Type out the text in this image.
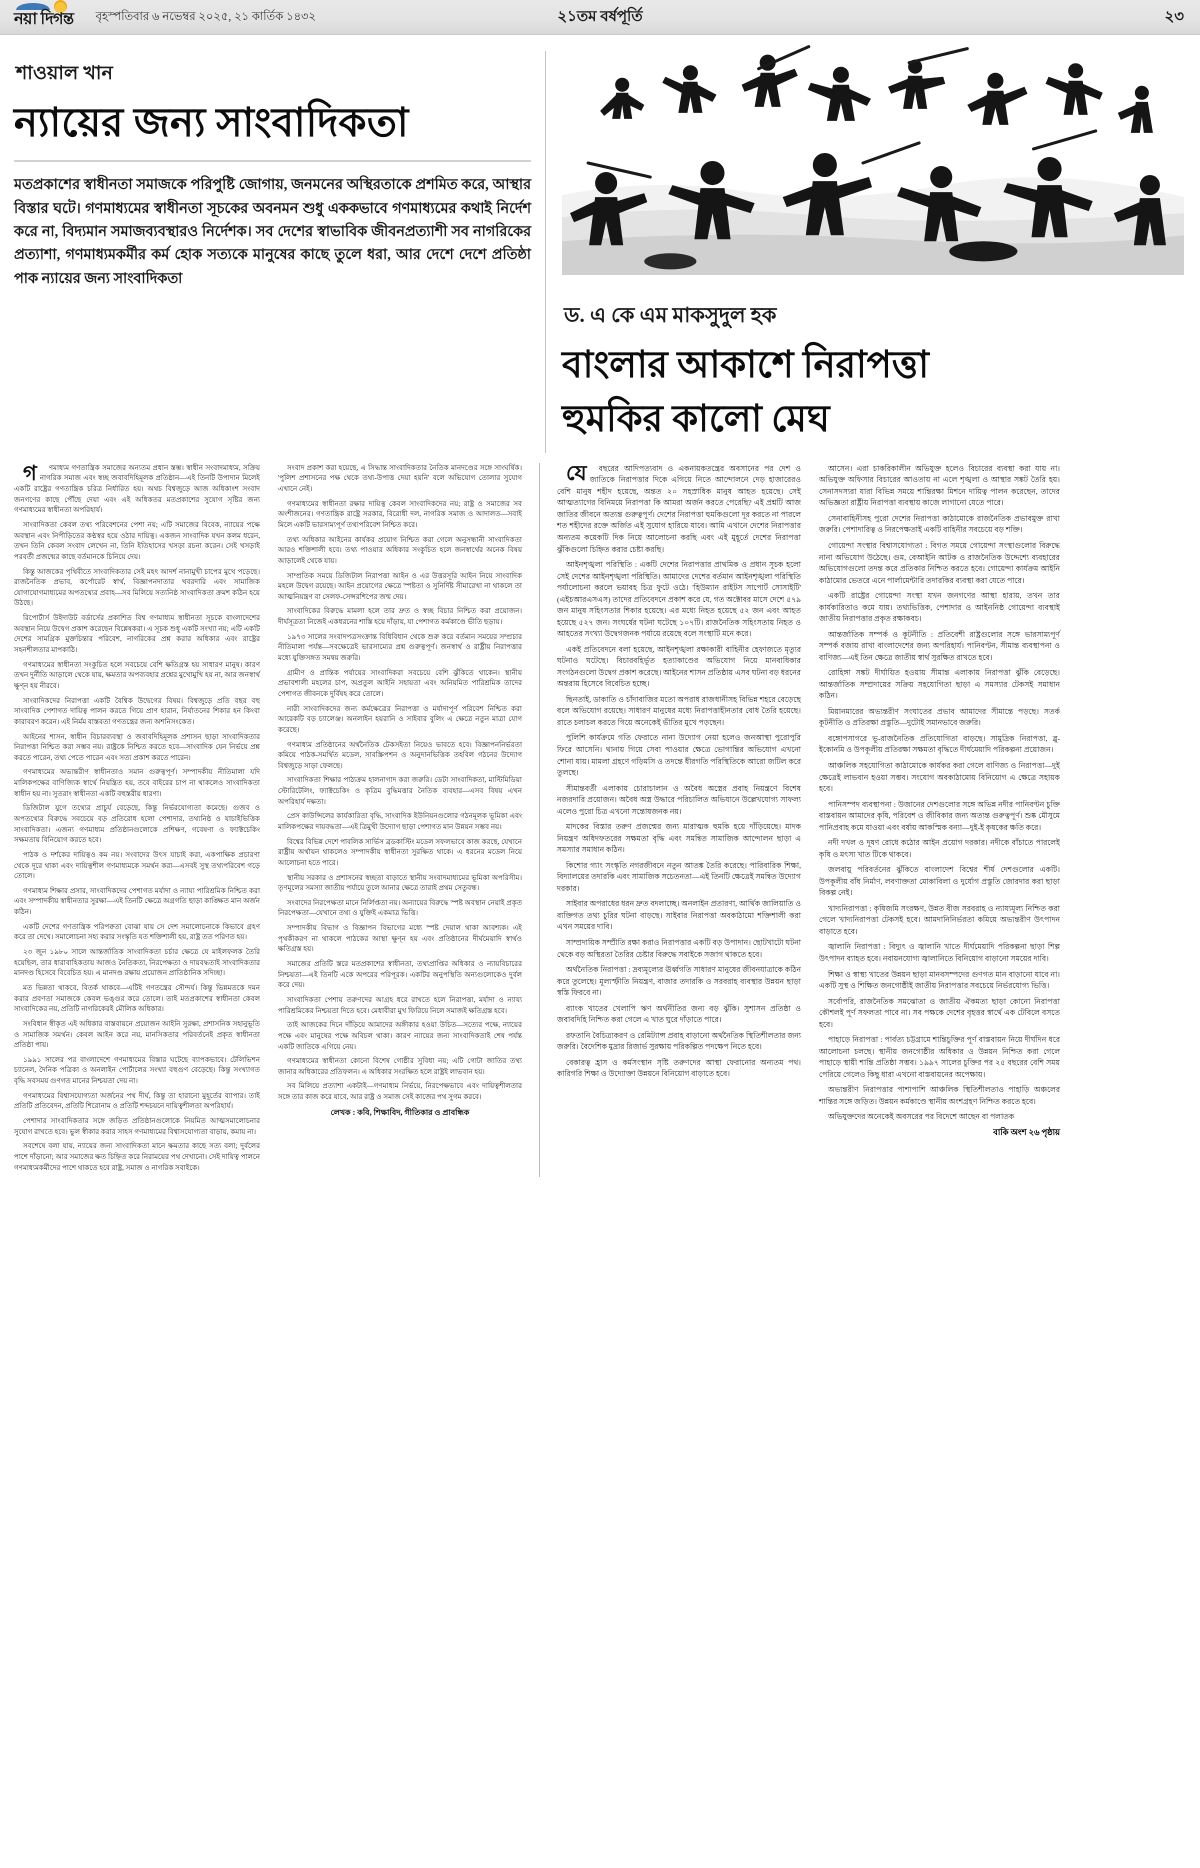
নয়া দিগন্ত বৃহস্পতিবার ৬ নভেম্বর ২০২৫, ২১ কার্তিক ১৪৩২	২১তম বর্ষপূর্তি	২৩
শাওয়াল খান
ন্যায়ের জন্য সাংবাদিকতা
মতপ্রকাশের স্বাধীনতা সমাজকে পরিপুষ্টি জোগায়, জনমনের অস্থিরতাকে প্রশমিত করে, আস্থার বিস্তার ঘটে। গণমাধ্যমের স্বাধীনতা সূচকের অবনমন শুধু এককভাবে গণমাধ্যমের কথাই নির্দেশ করে না, বিদ্যমান সমাজব্যবস্থারও নির্দেশক। সব দেশের স্বাভাবিক জীবনপ্রত্যাশী সব নাগরিকের প্রত্যাশা, গণমাধ্যমকর্মীর কর্ম হোক সত্যকে মানুষের কাছে তুলে ধরা, আর দেশে দেশে প্রতিষ্ঠা পাক ন্যায়ের জন্য সাংবাদিকতা
ড. এ কে এম মাকসুদুল হক
বাংলার আকাশে নিরাপত্তা
হুমকির কালো মেঘ

গ	ণমাধ্যম গণতান্ত্রিক সমাজের অন্যতম প্রধান স্তম্ভ। স্বাধীন সংবাদমাধ্যম, সক্রিয় নাগরিক সমাজ এবং স্বচ্ছ জবাবদিহিমূলক প্রতিষ্ঠান—এই তিনটি উপাদান মিলেই একটি রাষ্ট্রের গণতান্ত্রিক চরিত্র নির্ধারিত হয়। অথচ বিশ্বজুড়ে আজ অধিকাংশ সংবাদ জনগণের কাছে পৌঁছে দেয়া এবং এই অধিকতর মতপ্রকাশের সুযোগ সৃষ্টির জন্য গণমাধ্যমের স্বাধীনতা অপরিহার্য।

সাংবাদিকতা কেবল তথ্য পরিবেশনের পেশা নয়; এটি সমাজের বিবেক, ন্যায়ের পক্ষে অবস্থান এবং নিপীড়িতের কণ্ঠস্বর হয়ে ওঠার দায়িত্ব। একজন সাংবাদিক যখন কলম ধরেন, তখন তিনি কেবল সংবাদ লেখেন না, তিনি ইতিহাসের খসড়া রচনা করেন। সেই খসড়াই পরবর্তী প্রজন্মের কাছে বর্তমানকে চিনিয়ে দেয়।

কিন্তু আজকের পৃথিবীতে সাংবাদিকতার সেই মহৎ আদর্শ নানামুখী চাপের মুখে পড়েছে। রাজনৈতিক প্রভাব, কর্পোরেট স্বার্থ, বিজ্ঞাপনদাতার খবরদারি এবং সামাজিক যোগাযোগমাধ্যমের অপতথ্যের প্রবাহ—সব মিলিয়ে সত্যনিষ্ঠ সাংবাদিকতা ক্রমশ কঠিন হয়ে উঠছে।

রিপোর্টার্স উইদাউট বর্ডার্সের প্রকাশিত বিশ্ব গণমাধ্যম স্বাধীনতা সূচকে বাংলাদেশের অবস্থান নিয়ে উদ্বেগ প্রকাশ করেছেন বিশ্লেষকরা। এ সূচক শুধু একটি সংখ্যা নয়; এটি একটি দেশের সামগ্রিক মুক্তচিন্তার পরিবেশ, নাগরিকের প্রশ্ন করার অধিকার এবং রাষ্ট্রের সহনশীলতার মাপকাঠি।

গণমাধ্যমের স্বাধীনতা সংকুচিত হলে সবচেয়ে বেশি ক্ষতিগ্রস্ত হয় সাধারণ মানুষ। কারণ তখন দুর্নীতি আড়ালে থেকে যায়, ক্ষমতার অপব্যবহার প্রশ্নের মুখোমুখি হয় না, আর জনস্বার্থ ক্ষুণ্ন হয় নীরবে।

সাংবাদিকদের নিরাপত্তা একটি বৈশ্বিক উদ্বেগের বিষয়। বিশ্বজুড়ে প্রতি বছর বহু সাংবাদিক পেশাগত দায়িত্ব পালন করতে গিয়ে প্রাণ হারান, নির্যাতনের শিকার হন কিংবা কারাবরণ করেন। এই নির্মম বাস্তবতা গণতন্ত্রের জন্য অশনিসংকেত।

আইনের শাসন, স্বাধীন বিচারব্যবস্থা ও জবাবদিহিমূলক প্রশাসন ছাড়া সাংবাদিকতার নিরাপত্তা নিশ্চিত করা সম্ভব নয়। রাষ্ট্রকে নিশ্চিত করতে হবে—সাংবাদিক যেন নির্ভয়ে প্রশ্ন করতে পারেন, তথ্য পেতে পারেন এবং সত্য প্রকাশ করতে পারেন।

গণমাধ্যমের অভ্যন্তরীণ স্বাধীনতাও সমান গুরুত্বপূর্ণ। সম্পাদকীয় নীতিমালা যদি মালিকপক্ষের বাণিজ্যিক স্বার্থে নিয়ন্ত্রিত হয়, তবে বাইরের চাপ না থাকলেও সাংবাদিকতা স্বাধীন হয় না। সুতরাং স্বাধীনতা একটি বহুস্তরীয় ধারণা।

ডিজিটাল যুগে তথ্যের প্রাচুর্য বেড়েছে, কিন্তু নির্ভরযোগ্যতা কমেছে। গুজব ও অপতথ্যের বিরুদ্ধে সবচেয়ে বড় প্রতিরোধ হলো পেশাদার, তথ্যনিষ্ঠ ও যাচাইভিত্তিক সাংবাদিকতা। এজন্য গণমাধ্যম প্রতিষ্ঠানগুলোকে প্রশিক্ষণ, গবেষণা ও ফ্যাক্টচেকিং সক্ষমতায় বিনিয়োগ করতে হবে।

পাঠক ও দর্শকের দায়িত্বও কম নয়। সংবাদের উৎস যাচাই করা, একপাক্ষিক প্রচারণা থেকে দূরে থাকা এবং দায়িত্বশীল গণমাধ্যমকে সমর্থন করা—এসবই সুস্থ তথ্যপরিবেশ গড়ে তোলে।

গণমাধ্যম শিক্ষার প্রসার, সাংবাদিকদের পেশাগত মর্যাদা ও ন্যায্য পারিশ্রমিক নিশ্চিত করা এবং সম্পাদকীয় স্বাধীনতার সুরক্ষা—এই তিনটি ক্ষেত্রে অগ্রগতি ছাড়া কাঙ্ক্ষিত মান অর্জন কঠিন।

একটি দেশের গণতান্ত্রিক পরিপক্বতা বোঝা যায় সে দেশ সমালোচনাকে কিভাবে গ্রহণ করে তা দেখে। সমালোচনা সহ্য করার সংস্কৃতি যত শক্তিশালী হয়, রাষ্ট্র তত পরিণত হয়।

২৩ জুন ১৯৮০ সালে আন্তর্জাতিক সাংবাদিকতা চর্চার ক্ষেত্রে যে মাইলফলক তৈরি হয়েছিল, তার ধারাবাহিকতায় আজও নৈতিকতা, নিরপেক্ষতা ও দায়বদ্ধতাই সাংবাদিকতার মানদণ্ড হিসেবে বিবেচিত হয়। এ মানদণ্ড রক্ষায় প্রয়োজন প্রাতিষ্ঠানিক সদিচ্ছা।

মত ভিন্নতা থাকবে, বিতর্ক থাকবে—এটিই গণতন্ত্রের সৌন্দর্য। কিন্তু ভিন্নমতকে দমন করার প্রবণতা সমাজকে কেবল ভঙ্গুর করে তোলে। তাই মতপ্রকাশের স্বাধীনতা কেবল সাংবাদিকের নয়, প্রতিটি নাগরিকেরই মৌলিক অধিকার।

সংবিধান স্বীকৃত এই অধিকার বাস্তবায়নে প্রয়োজন আইনি সুরক্ষা, প্রশাসনিক সহানুভূতি ও সামাজিক সমর্থন। কেবল আইন করে নয়, মানসিকতার পরিবর্তনেই প্রকৃত স্বাধীনতা প্রতিষ্ঠা পায়।

১৯৯১ সালের পর বাংলাদেশে গণমাধ্যমের বিস্তার ঘটেছে ব্যাপকভাবে। টেলিভিশন চ্যানেল, দৈনিক পত্রিকা ও অনলাইন পোর্টালের সংখ্যা বহুগুণ বেড়েছে। কিন্তু সংখ্যাগত বৃদ্ধি সবসময় গুণগত মানের নিশ্চয়তা দেয় না।

গণমাধ্যমের বিশ্বাসযোগ্যতা অর্জনের পথ দীর্ঘ, কিন্তু তা হারানো মুহূর্তের ব্যাপার। তাই প্রতিটি প্রতিবেদন, প্রতিটি শিরোনাম ও প্রতিটি শব্দচয়নে দায়িত্বশীলতা অপরিহার্য।

পেশাদার সাংবাদিকতার সঙ্গে জড়িত প্রতিষ্ঠানগুলোকে নিয়মিত আত্মসমালোচনার সুযোগ রাখতে হবে। ভুল স্বীকার করার সাহস গণমাধ্যমের বিশ্বাসযোগ্যতা বাড়ায়, কমায় না।

সবশেষে বলা যায়, ন্যায়ের জন্য সাংবাদিকতা মানে ক্ষমতার কাছে সত্য বলা; দুর্বলের পাশে দাঁড়ানো; আর সমাজের ক্ষত চিহ্নিত করে নিরাময়ের পথ দেখানো। সেই দায়িত্ব পালনে গণমাধ্যমকর্মীদের পাশে থাকতে হবে রাষ্ট্র, সমাজ ও নাগরিক সবাইকে।

সংবাদ প্রকাশ করা হয়েছে, এ সিদ্ধান্ত সাংবাদিকতার নৈতিক মানদণ্ডের সঙ্গে সাংঘর্ষিক। 'পুলিশ প্রশাসনের পক্ষ থেকে তথ্য-উপাত্ত দেয়া হয়নি' বলে অভিযোগ তোলার সুযোগ এখানে নেই।

গণমাধ্যমের স্বাধীনতা রক্ষার দায়িত্ব কেবল সাংবাদিকদের নয়; রাষ্ট্র ও সমাজের সব অংশীজনের। গণতান্ত্রিক রাষ্ট্রে সরকার, বিরোধী দল, নাগরিক সমাজ ও আদালত—সবাই মিলে একটি ভারসাম্যপূর্ণ তথ্যপরিবেশ নিশ্চিত করে।

তথ্য অধিকার আইনের কার্যকর প্রয়োগ নিশ্চিত করা গেলে অনুসন্ধানী সাংবাদিকতা আরও শক্তিশালী হবে। তথ্য পাওয়ার অধিকার সংকুচিত হলে জনস্বার্থের অনেক বিষয় আড়ালেই থেকে যায়।

সাম্প্রতিক সময়ে ডিজিটাল নিরাপত্তা আইন ও এর উত্তরসূরি আইন নিয়ে সাংবাদিক মহলে উদ্বেগ রয়েছে। আইন প্রয়োগের ক্ষেত্রে স্পষ্টতা ও সুনির্দিষ্ট সীমারেখা না থাকলে তা আত্মনিয়ন্ত্রণ বা সেলফ-সেন্সরশিপের জন্ম দেয়।

সাংবাদিকের বিরুদ্ধে মামলা হলে তার দ্রুত ও স্বচ্ছ বিচার নিশ্চিত করা প্রয়োজন। দীর্ঘসূত্রতা নিজেই একধরনের শাস্তি হয়ে দাঁড়ায়, যা পেশাগত কর্মকাণ্ডে ভীতি ছড়ায়।

১৯৭৩ সালের সংবাদপত্রসংক্রান্ত বিধিবিধান থেকে শুরু করে বর্তমান সময়ের সম্প্রচার নীতিমালা পর্যন্ত—সবক্ষেত্রেই ভারসাম্যের প্রশ্ন গুরুত্বপূর্ণ। জনস্বার্থ ও রাষ্ট্রীয় নিরাপত্তার মধ্যে যুক্তিসঙ্গত সমন্বয় জরুরি।

গ্রামীণ ও প্রান্তিক পর্যায়ের সাংবাদিকরা সবচেয়ে বেশি ঝুঁকিতে থাকেন। স্থানীয় প্রভাবশালী মহলের চাপ, অপ্রতুল আইনি সহায়তা এবং অনিয়মিত পারিশ্রমিক তাদের পেশাগত জীবনকে দুর্বিষহ করে তোলে।

নারী সাংবাদিকদের জন্য কর্মক্ষেত্রের নিরাপত্তা ও মর্যাদাপূর্ণ পরিবেশ নিশ্চিত করা আরেকটি বড় চ্যালেঞ্জ। অনলাইন হয়রানি ও সাইবার বুলিং এ ক্ষেত্রে নতুন মাত্রা যোগ করেছে।

গণমাধ্যম প্রতিষ্ঠানের অর্থনৈতিক টেকসইতা নিয়েও ভাবতে হবে। বিজ্ঞাপননির্ভরতা কমিয়ে পাঠক-সমর্থিত মডেল, সাবস্ক্রিপশন ও অনুদানভিত্তিক তহবিল গঠনের উদ্যোগ বিশ্বজুড়ে সাড়া ফেলছে।

সাংবাদিকতা শিক্ষার পাঠ্যক্রম হালনাগাদ করা জরুরি। ডেটা সাংবাদিকতা, মাল্টিমিডিয়া স্টোরিটেলিং, ফ্যাক্টচেকিং ও কৃত্রিম বুদ্ধিমত্তার নৈতিক ব্যবহার—এসব বিষয় এখন অপরিহার্য দক্ষতা।

প্রেস কাউন্সিলের কার্যকারিতা বৃদ্ধি, সাংবাদিক ইউনিয়নগুলোর গঠনমূলক ভূমিকা এবং মালিকপক্ষের দায়বদ্ধতা—এই ত্রিমুখী উদ্যোগ ছাড়া পেশাগত মান উন্নয়ন সম্ভব নয়।

বিশ্বের বিভিন্ন দেশে পাবলিক সার্ভিস ব্রডকাস্টিং মডেল সফলভাবে কাজ করছে, যেখানে রাষ্ট্রীয় অর্থায়ন থাকলেও সম্পাদকীয় স্বাধীনতা সুরক্ষিত থাকে। এ ধরনের মডেল নিয়ে আলোচনা হতে পারে।

স্থানীয় সরকার ও প্রশাসনের স্বচ্ছতা বাড়াতে স্থানীয় সংবাদমাধ্যমের ভূমিকা অপরিসীম। তৃণমূলের সমস্যা জাতীয় পর্যায়ে তুলে আনার ক্ষেত্রে তারাই প্রথম সেতুবন্ধ।

সংবাদের নিরপেক্ষতা মানে নির্লিপ্ততা নয়। অন্যায়ের বিরুদ্ধে স্পষ্ট অবস্থান নেয়াই প্রকৃত নিরপেক্ষতা—যেখানে তথ্য ও যুক্তিই একমাত্র ভিত্তি।

সম্পাদকীয় বিভাগ ও বিজ্ঞাপন বিভাগের মধ্যে স্পষ্ট দেয়াল থাকা আবশ্যক। এই পৃথকীকরণ না থাকলে পাঠকের আস্থা ক্ষুণ্ন হয় এবং প্রতিষ্ঠানের দীর্ঘমেয়াদি স্বার্থও ক্ষতিগ্রস্ত হয়।

সমাজের প্রতিটি স্তরে মতপ্রকাশের স্বাধীনতা, তথ্যপ্রাপ্তির অধিকার ও ন্যায়বিচারের নিশ্চয়তা—এই তিনটি একে অপরের পরিপূরক। একটির অনুপস্থিতি অন্যগুলোকেও দুর্বল করে দেয়।

সাংবাদিকতা পেশায় তরুণদের আগ্রহ ধরে রাখতে হলে নিরাপত্তা, মর্যাদা ও ন্যায্য পারিশ্রমিকের নিশ্চয়তা দিতে হবে। মেধাবীরা মুখ ফিরিয়ে নিলে সমাজই ক্ষতিগ্রস্ত হবে।

তাই আজকের দিনে দাঁড়িয়ে আমাদের অঙ্গীকার হওয়া উচিত—সত্যের পক্ষে, ন্যায়ের পক্ষে এবং মানুষের পক্ষে অবিচল থাকা। কারণ ন্যায়ের জন্য সাংবাদিকতাই শেষ পর্যন্ত একটি জাতিকে এগিয়ে নেয়।

গণমাধ্যমের স্বাধীনতা কোনো বিশেষ গোষ্ঠীর সুবিধা নয়; এটি গোটা জাতির তথ্য জানার অধিকারের প্রতিফলন। এ অধিকার সংরক্ষিত হলে রাষ্ট্রই লাভবান হয়।

সব মিলিয়ে প্রত্যাশা একটাই—গণমাধ্যম নির্ভয়ে, নিরপেক্ষভাবে এবং দায়িত্বশীলতার সঙ্গে তার কাজ করে যাবে, আর রাষ্ট্র ও সমাজ সেই কাজের পথ সুগম করবে।

লেখক : কবি, শিক্ষাবিদ, গীতিকার ও প্রাবন্ধিক

যে	বছরের আদিপত্যবাদ ও একনায়কতন্ত্রের অবসানের পর দেশ ও জাতিকে নিরাপত্তার দিকে এগিয়ে নিতে আন্দোলনে দেড় হাজারেরও বেশি মানুষ শহীদ হয়েছে, অন্তত ২০ সহস্রাধিক মানুষ আহত হয়েছে। সেই আত্মত্যাগের বিনিময়ে নিরাপত্তা কি আমরা অর্জন করতে পেরেছি? এই প্রশ্নটি আজ জাতির জীবনে অত্যন্ত গুরুত্বপূর্ণ। দেশের নিরাপত্তা হুমকিগুলো দূর করতে না পারলে শত শহীদের রক্তে অর্জিত এই সুযোগ হারিয়ে যাবে। আমি এখানে দেশের নিরাপত্তার অন্যতম কয়েকটি দিক নিয়ে আলোচনা করছি এবং এই মুহূর্তে দেশের নিরাপত্তা ঝুঁকিগুলো চিহ্নিত করার চেষ্টা করছি।

আইনশৃঙ্খলা পরিস্থিতি : একটি দেশের নিরাপত্তার প্রাথমিক ও প্রধান সূচক হলো সেই দেশের আইনশৃঙ্খলা পরিস্থিতি। আমাদের দেশের বর্তমান আইনশৃঙ্খলা পরিস্থিতি পর্যালোচনা করলে ভয়াবহ চিত্র ফুটে ওঠে। 'হিউম্যান রাইটস সাপোর্ট সোসাইটি' (এইচআরএসএস) তাদের প্রতিবেদনে প্রকাশ করে যে, গত অক্টোবর মাসে দেশে ৫৭৯ জন মানুষ সহিংসতার শিকার হয়েছে। এর মধ্যে নিহত হয়েছে ৫২ জন এবং আহত হয়েছে ৫২৭ জন। সংঘর্ষের ঘটনা ঘটেছে ১০৭টি। রাজনৈতিক সহিংসতায় নিহত ও আহতের সংখ্যা উদ্বেগজনক পর্যায়ে রয়েছে বলে সংস্থাটি মনে করে।

একই প্রতিবেদনে বলা হয়েছে, আইনশৃঙ্খলা রক্ষাকারী বাহিনীর হেফাজতে মৃত্যুর ঘটনাও ঘটেছে। বিচারবহির্ভূত হত্যাকাণ্ডের অভিযোগ নিয়ে মানবাধিকার সংগঠনগুলো উদ্বেগ প্রকাশ করেছে। আইনের শাসন প্রতিষ্ঠায় এসব ঘটনা বড় ধরনের অন্তরায় হিসেবে বিবেচিত হচ্ছে।

ছিনতাই, ডাকাতি ও চাঁদাবাজির মতো অপরাধ রাজধানীসহ বিভিন্ন শহরে বেড়েছে বলে অভিযোগ রয়েছে। সাধারণ মানুষের মধ্যে নিরাপত্তাহীনতার বোধ তৈরি হয়েছে। রাতে চলাচল করতে গিয়ে অনেকেই ভীতির মুখে পড়ছেন।

পুলিশি কার্যক্রমে গতি ফেরাতে নানা উদ্যোগ নেয়া হলেও জনআস্থা পুরোপুরি ফিরে আসেনি। থানায় গিয়ে সেবা পাওয়ার ক্ষেত্রে ভোগান্তির অভিযোগ এখনো শোনা যায়। মামলা গ্রহণে গড়িমসি ও তদন্তে ধীরগতি পরিস্থিতিকে আরো জটিল করে তুলছে।

সীমান্তবর্তী এলাকায় চোরাচালান ও অবৈধ অস্ত্রের প্রবাহ নিয়ন্ত্রণে বিশেষ নজরদারি প্রয়োজন। অবৈধ অস্ত্র উদ্ধারে পরিচালিত অভিযানে উল্লেখযোগ্য সাফল্য এলেও পুরো চিত্র এখনো সন্তোষজনক নয়।

মাদকের বিস্তার তরুণ প্রজন্মের জন্য মারাত্মক হুমকি হয়ে দাঁড়িয়েছে। মাদক নিয়ন্ত্রণ অধিদফতরের সক্ষমতা বৃদ্ধি এবং সমন্বিত সামাজিক আন্দোলন ছাড়া এ সমস্যার সমাধান কঠিন।

কিশোর গ্যাং সংস্কৃতি নগরজীবনে নতুন আতঙ্ক তৈরি করেছে। পারিবারিক শিক্ষা, বিদ্যালয়ের তদারকি এবং সামাজিক সচেতনতা—এই তিনটি ক্ষেত্রেই সমন্বিত উদ্যোগ দরকার।

সাইবার অপরাধের ধরন দ্রুত বদলাচ্ছে। অনলাইন প্রতারণা, আর্থিক জালিয়াতি ও ব্যক্তিগত তথ্য চুরির ঘটনা বাড়ছে। সাইবার নিরাপত্তা অবকাঠামো শক্তিশালী করা এখন সময়ের দাবি।

সাম্প্রদায়িক সম্প্রীতি রক্ষা করাও নিরাপত্তার একটি বড় উপাদান। ছোটখাটো ঘটনা থেকে বড় অস্থিরতা তৈরির চেষ্টার বিরুদ্ধে সবাইকে সজাগ থাকতে হবে।

অর্থনৈতিক নিরাপত্তা : দ্রব্যমূল্যের ঊর্ধ্বগতি সাধারণ মানুষের জীবনযাত্রাকে কঠিন করে তুলেছে। মূল্যস্ফীতি নিয়ন্ত্রণ, বাজার তদারকি ও সরবরাহ ব্যবস্থার উন্নয়ন ছাড়া স্বস্তি ফিরবে না।

ব্যাংক খাতের খেলাপি ঋণ অর্থনীতির জন্য বড় ঝুঁকি। সুশাসন প্রতিষ্ঠা ও জবাবদিহি নিশ্চিত করা গেলে এ খাত ঘুরে দাঁড়াতে পারে।

রফতানি বৈচিত্র্যকরণ ও রেমিট্যান্স প্রবাহ বাড়ানো অর্থনৈতিক স্থিতিশীলতার জন্য জরুরি। বৈদেশিক মুদ্রার রিজার্ভ সুরক্ষায় পরিকল্পিত পদক্ষেপ নিতে হবে।

বেকারত্ব হ্রাস ও কর্মসংস্থান সৃষ্টি তরুণদের আস্থা ফেরানোর অন্যতম পথ। কারিগরি শিক্ষা ও উদ্যোক্তা উন্নয়নে বিনিয়োগ বাড়াতে হবে।

আসেন। এরা চাকরিকালীন অভিযুক্ত হলেও বিচারের ব্যবস্থা করা যায় না। অভিযুক্ত অফিসার বিচারের আওতায় না এলে শৃঙ্খলা ও আস্থার সঙ্কট তৈরি হয়। সেনাসদস্যরা যারা বিভিন্ন সময়ে শান্তিরক্ষা মিশনে দায়িত্ব পালন করেছেন, তাদের অভিজ্ঞতা রাষ্ট্রীয় নিরাপত্তা ব্যবস্থায় কাজে লাগানো যেতে পারে।

সেনাবাহিনীসহ পুরো দেশের নিরাপত্তা কাঠামোকে রাজনৈতিক প্রভাবমুক্ত রাখা জরুরি। পেশাদারিত্ব ও নিরপেক্ষতাই একটি বাহিনীর সবচেয়ে বড় শক্তি।

গোয়েন্দা সংস্থার বিশ্বাসযোগ্যতা : বিগত সময়ে গোয়েন্দা সংস্থাগুলোর বিরুদ্ধে নানা অভিযোগ উঠেছে। গুম, বেআইনি আটক ও রাজনৈতিক উদ্দেশ্যে ব্যবহারের অভিযোগগুলো তদন্ত করে প্রতিকার নিশ্চিত করতে হবে। গোয়েন্দা কার্যক্রম আইনি কাঠামোর ভেতরে এনে পার্লামেন্টারি তদারকির ব্যবস্থা করা যেতে পারে।

একটি রাষ্ট্রের গোয়েন্দা সংস্থা যখন জনগণের আস্থা হারায়, তখন তার কার্যকারিতাও কমে যায়। তথ্যভিত্তিক, পেশাদার ও আইননিষ্ঠ গোয়েন্দা ব্যবস্থাই জাতীয় নিরাপত্তার প্রকৃত রক্ষাকবচ।

আন্তর্জাতিক সম্পর্ক ও কূটনীতি : প্রতিবেশী রাষ্ট্রগুলোর সঙ্গে ভারসাম্যপূর্ণ সম্পর্ক বজায় রাখা বাংলাদেশের জন্য অপরিহার্য। পানিবণ্টন, সীমান্ত ব্যবস্থাপনা ও বাণিজ্য—এই তিন ক্ষেত্রে জাতীয় স্বার্থ সুরক্ষিত রাখতে হবে।

রোহিঙ্গা সঙ্কট দীর্ঘায়িত হওয়ায় সীমান্ত এলাকায় নিরাপত্তা ঝুঁকি বেড়েছে। আন্তর্জাতিক সম্প্রদায়ের সক্রিয় সহযোগিতা ছাড়া এ সমস্যার টেকসই সমাধান কঠিন।

মিয়ানমারের অভ্যন্তরীণ সংঘাতের প্রভাব আমাদের সীমান্তে পড়ছে। সতর্ক কূটনীতি ও প্রতিরক্ষা প্রস্তুতি—দুটোই সমানভাবে জরুরি।

বঙ্গোপসাগরে ভূ-রাজনৈতিক প্রতিযোগিতা বাড়ছে। সামুদ্রিক নিরাপত্তা, ব্লু-ইকোনমি ও উপকূলীয় প্রতিরক্ষা সক্ষমতা বৃদ্ধিতে দীর্ঘমেয়াদি পরিকল্পনা প্রয়োজন।

আঞ্চলিক সহযোগিতা কাঠামোকে কার্যকর করা গেলে বাণিজ্য ও নিরাপত্তা—দুই ক্ষেত্রেই লাভবান হওয়া সম্ভব। সংযোগ অবকাঠামোয় বিনিয়োগ এ ক্ষেত্রে সহায়ক হবে।

পানিসম্পদ ব্যবস্থাপনা : উজানের দেশগুলোর সঙ্গে অভিন্ন নদীর পানিবণ্টন চুক্তি বাস্তবায়ন আমাদের কৃষি, পরিবেশ ও জীবিকার জন্য অত্যন্ত গুরুত্বপূর্ণ। শুষ্ক মৌসুমে পানিপ্রবাহ কমে যাওয়া এবং বর্ষায় আকস্মিক বন্যা—দুই-ই কৃষকের ক্ষতি করে।

নদী দখল ও দূষণ রোধে কঠোর আইন প্রয়োগ দরকার। নদীকে বাঁচাতে পারলেই কৃষি ও মৎস্য খাত টিকে থাকবে।

জলবায়ু পরিবর্তনের ঝুঁকিতে বাংলাদেশ বিশ্বের শীর্ষ দেশগুলোর একটি। উপকূলীয় বাঁধ নির্মাণ, লবণাক্ততা মোকাবিলা ও দুর্যোগ প্রস্তুতি জোরদার করা ছাড়া বিকল্প নেই।

খাদ্যনিরাপত্তা : কৃষিজমি সংরক্ষণ, উন্নত বীজ সরবরাহ ও ন্যায্যমূল্য নিশ্চিত করা গেলে খাদ্যনিরাপত্তা টেকসই হবে। আমদানিনির্ভরতা কমিয়ে অভ্যন্তরীণ উৎপাদন বাড়াতে হবে।

জ্বালানি নিরাপত্তা : বিদ্যুৎ ও জ্বালানি খাতে দীর্ঘমেয়াদি পরিকল্পনা ছাড়া শিল্প উৎপাদন ব্যাহত হবে। নবায়নযোগ্য জ্বালানিতে বিনিয়োগ বাড়ানো সময়ের দাবি।

শিক্ষা ও স্বাস্থ্য খাতের উন্নয়ন ছাড়া মানবসম্পদের গুণগত মান বাড়ানো যাবে না। একটি সুস্থ ও শিক্ষিত জনগোষ্ঠীই জাতীয় নিরাপত্তার সবচেয়ে নির্ভরযোগ্য ভিত্তি।

সর্বোপরি, রাজনৈতিক সমঝোতা ও জাতীয় ঐকমত্য ছাড়া কোনো নিরাপত্তা কৌশলই পূর্ণ সফলতা পাবে না। সব পক্ষকে দেশের বৃহত্তর স্বার্থে এক টেবিলে বসতে হবে।

পাহাড়ে নিরাপত্তা : পার্বত্য চট্টগ্রামে শান্তিচুক্তির পূর্ণ বাস্তবায়ন নিয়ে দীর্ঘদিন ধরে আলোচনা চলছে। স্থানীয় জনগোষ্ঠীর অধিকার ও উন্নয়ন নিশ্চিত করা গেলে পাহাড়ে স্থায়ী শান্তি প্রতিষ্ঠা সম্ভব। ১৯৯৭ সালের চুক্তির পর ২৫ বছরের বেশি সময় পেরিয়ে গেলেও কিছু ধারা এখনো বাস্তবায়নের অপেক্ষায়।

অভ্যন্তরীণ নিরাপত্তার পাশাপাশি আঞ্চলিক স্থিতিশীলতাও পাহাড়ি অঞ্চলের শান্তির সঙ্গে জড়িত। উন্নয়ন কর্মকাণ্ডে স্থানীয় অংশগ্রহণ নিশ্চিত করতে হবে।

অভিযুক্তদের অনেকেই অবসরের পর বিদেশে আছেন বা পলাতক

বাকি অংশ ২৬ পৃষ্ঠায়
